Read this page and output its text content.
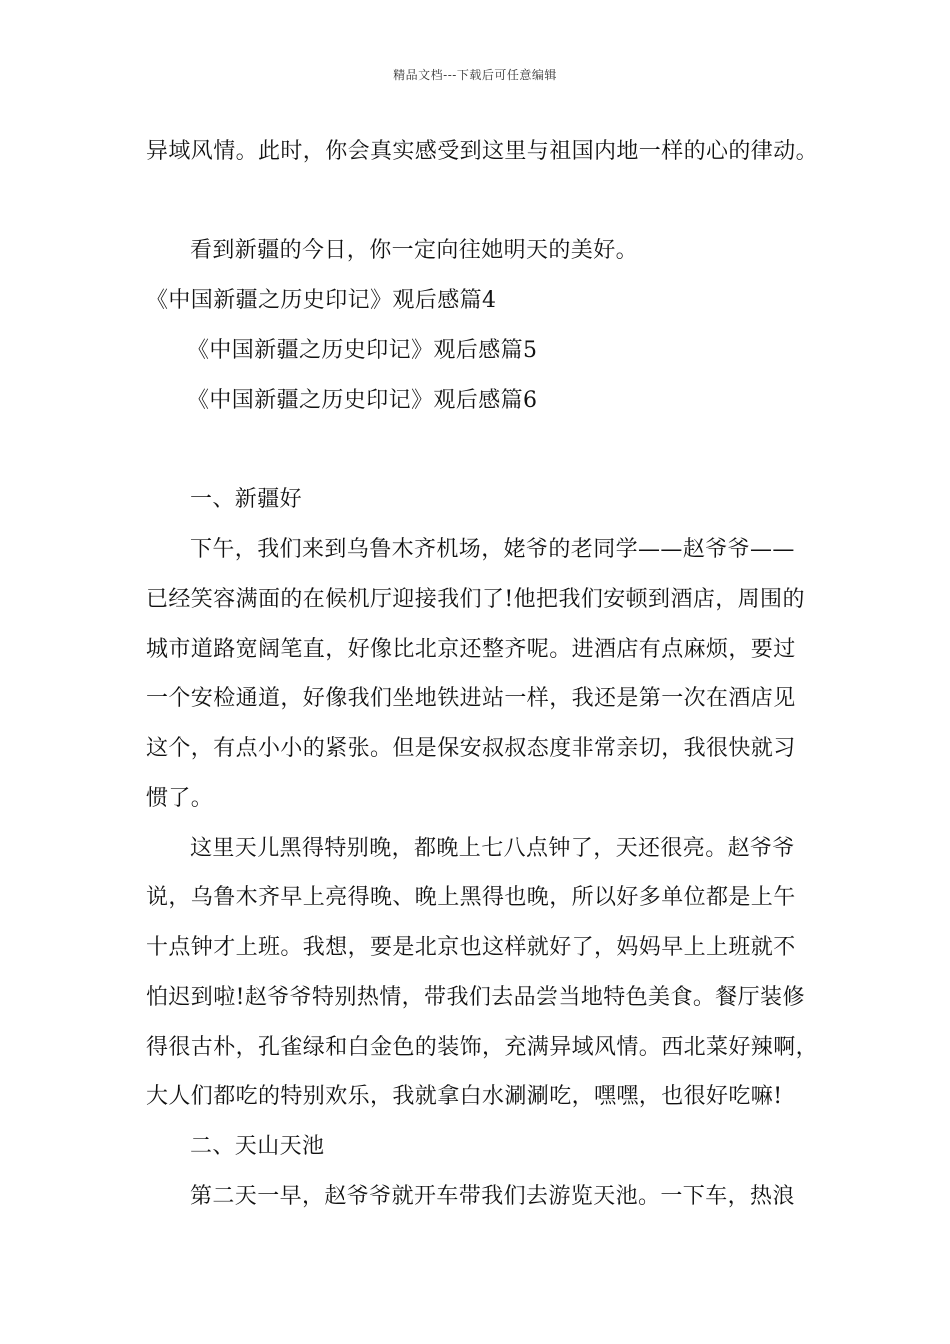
精品文档---下载后可任意编辑
异域风情。此时，你会真实感受到这里与祖国内地一样的心的律动。
看到新疆的今日，你一定向往她明天的美好。
《中国新疆之历史印记》观后感篇4
《中国新疆之历史印记》观后感篇5
《中国新疆之历史印记》观后感篇6
一、新疆好
下午，我们来到乌鲁木齐机场，姥爷的老同学——赵爷爷——
已经笑容满面的在候机厅迎接我们了!他把我们安顿到酒店，周围的
城市道路宽阔笔直，好像比北京还整齐呢。进酒店有点麻烦，要过
一个安检通道，好像我们坐地铁进站一样，我还是第一次在酒店见
这个，有点小小的紧张。但是保安叔叔态度非常亲切，我很快就习
惯了。
这里天儿黑得特别晚，都晚上七八点钟了，天还很亮。赵爷爷
说，乌鲁木齐早上亮得晚、晚上黑得也晚，所以好多单位都是上午
十点钟才上班。我想，要是北京也这样就好了，妈妈早上上班就不
怕迟到啦!赵爷爷特别热情，带我们去品尝当地特色美食。餐厅装修
得很古朴，孔雀绿和白金色的装饰，充满异域风情。西北菜好辣啊，
大人们都吃的特别欢乐，我就拿白水涮涮吃，嘿嘿，也很好吃嘛!
二、天山天池
第二天一早，赵爷爷就开车带我们去游览天池。一下车，热浪
